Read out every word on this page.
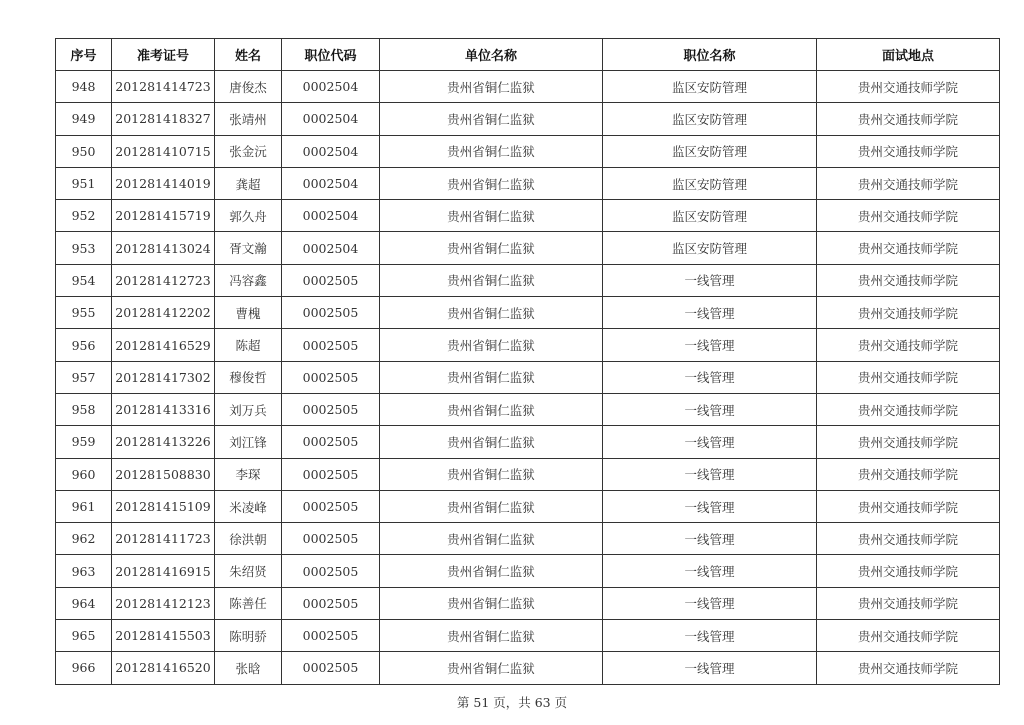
序号	准考证号	姓名	职位代码	单位名称	职位名称	面试地点
948	201281414723	唐俊杰	0002504	贵州省铜仁监狱	监区安防管理	贵州交通技师学院
949	201281418327	张靖州	0002504	贵州省铜仁监狱	监区安防管理	贵州交通技师学院
950	201281410715	张金沅	0002504	贵州省铜仁监狱	监区安防管理	贵州交通技师学院
951	201281414019	龚超	0002504	贵州省铜仁监狱	监区安防管理	贵州交通技师学院
952	201281415719	郭久舟	0002504	贵州省铜仁监狱	监区安防管理	贵州交通技师学院
953	201281413024	胥文瀚	0002504	贵州省铜仁监狱	监区安防管理	贵州交通技师学院
954	201281412723	冯容鑫	0002505	贵州省铜仁监狱	一线管理	贵州交通技师学院
955	201281412202	曹槐	0002505	贵州省铜仁监狱	一线管理	贵州交通技师学院
956	201281416529	陈超	0002505	贵州省铜仁监狱	一线管理	贵州交通技师学院
957	201281417302	穆俊哲	0002505	贵州省铜仁监狱	一线管理	贵州交通技师学院
958	201281413316	刘万兵	0002505	贵州省铜仁监狱	一线管理	贵州交通技师学院
959	201281413226	刘江锋	0002505	贵州省铜仁监狱	一线管理	贵州交通技师学院
960	201281508830	李琛	0002505	贵州省铜仁监狱	一线管理	贵州交通技师学院
961	201281415109	米凌峰	0002505	贵州省铜仁监狱	一线管理	贵州交通技师学院
962	201281411723	徐洪朝	0002505	贵州省铜仁监狱	一线管理	贵州交通技师学院
963	201281416915	朱绍贤	0002505	贵州省铜仁监狱	一线管理	贵州交通技师学院
964	201281412123	陈善任	0002505	贵州省铜仁监狱	一线管理	贵州交通技师学院
965	201281415503	陈明骄	0002505	贵州省铜仁监狱	一线管理	贵州交通技师学院
966	201281416520	张晗	0002505	贵州省铜仁监狱	一线管理	贵州交通技师学院
第 51 页，共 63 页
